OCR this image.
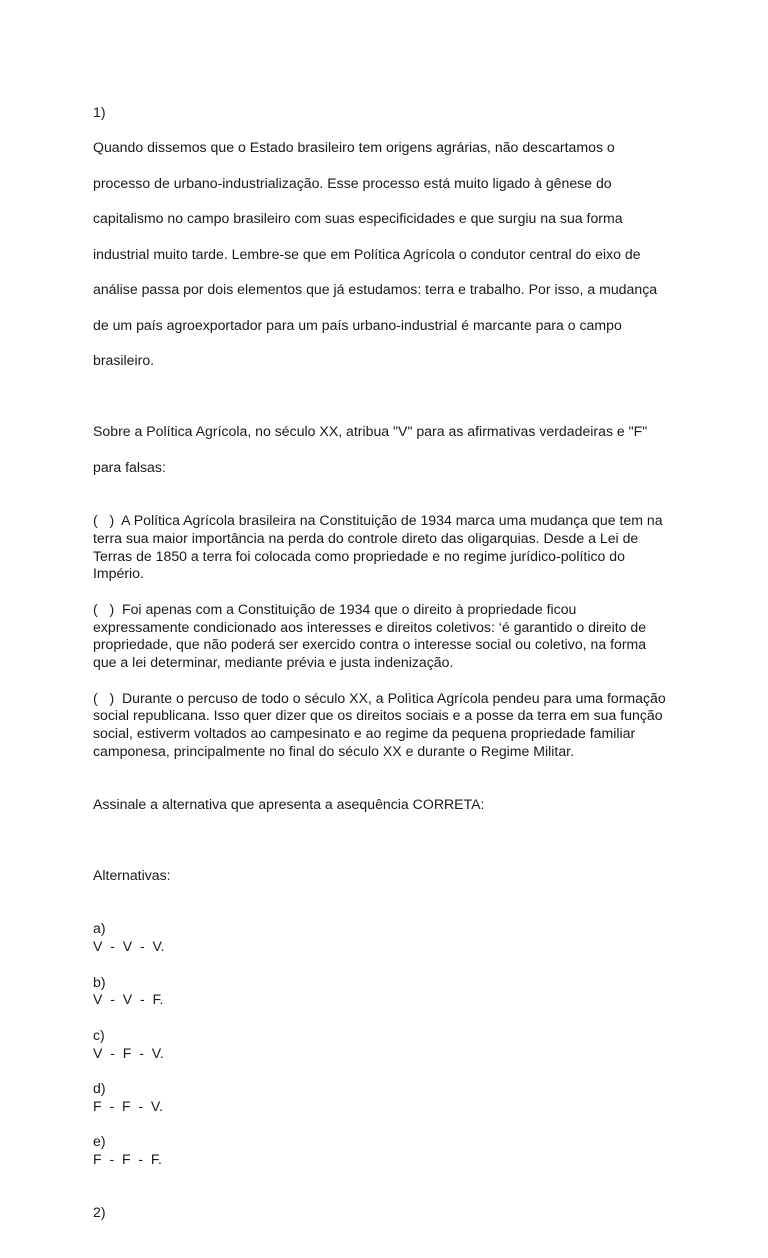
1)

Quando dissemos que o Estado brasileiro tem origens agrárias, não descartamos o

processo de urbano-industrialização. Esse processo está muito ligado à gênese do

capitalismo no campo brasileiro com suas especificidades e que surgiu na sua forma

industrial muito tarde. Lembre-se que em Política Agrícola o condutor central do eixo de

análise passa por dois elementos que já estudamos: terra e trabalho. Por isso, a mudança

de um país agroexportador para um país urbano-industrial é marcante para o campo

brasileiro.

Sobre a Política Agrícola, no século XX, atribua "V" para as afirmativas verdadeiras e "F"

para falsas:

(   )  A Política Agrícola brasileira na Constituição de 1934 marca uma mudança que tem na
terra sua maior importância na perda do controle direto das oligarquias. Desde a Lei de
Terras de 1850 a terra foi colocada como propriedade e no regime jurídico-político do
Império.
(   )  Foi apenas com a Constituição de 1934 que o direito à propriedade ficou
expressamente condicionado aos interesses e direitos coletivos: ‘é garantido o direito de
propriedade, que não poderá ser exercido contra o interesse social ou coletivo, na forma
que a lei determinar, mediante prévia e justa indenização.
(   )  Durante o percuso de todo o século XX, a Polìtica Agrícola pendeu para uma formação
social republicana. Isso quer dizer que os direitos sociais e a posse da terra em sua função
social, estiverm voltados ao campesinato e ao regime da pequena propriedade familiar
camponesa, principalmente no final do século XX e durante o Regime Militar.

Assinale a alternativa que apresenta a asequência CORRETA:

Alternativas:

a)
V  -  V  -  V.
b)
V  -  V  -  F.
c)
V  -  F  -  V.
d)
F  -  F  -  V.
e)
F  -  F  -  F.

2)
